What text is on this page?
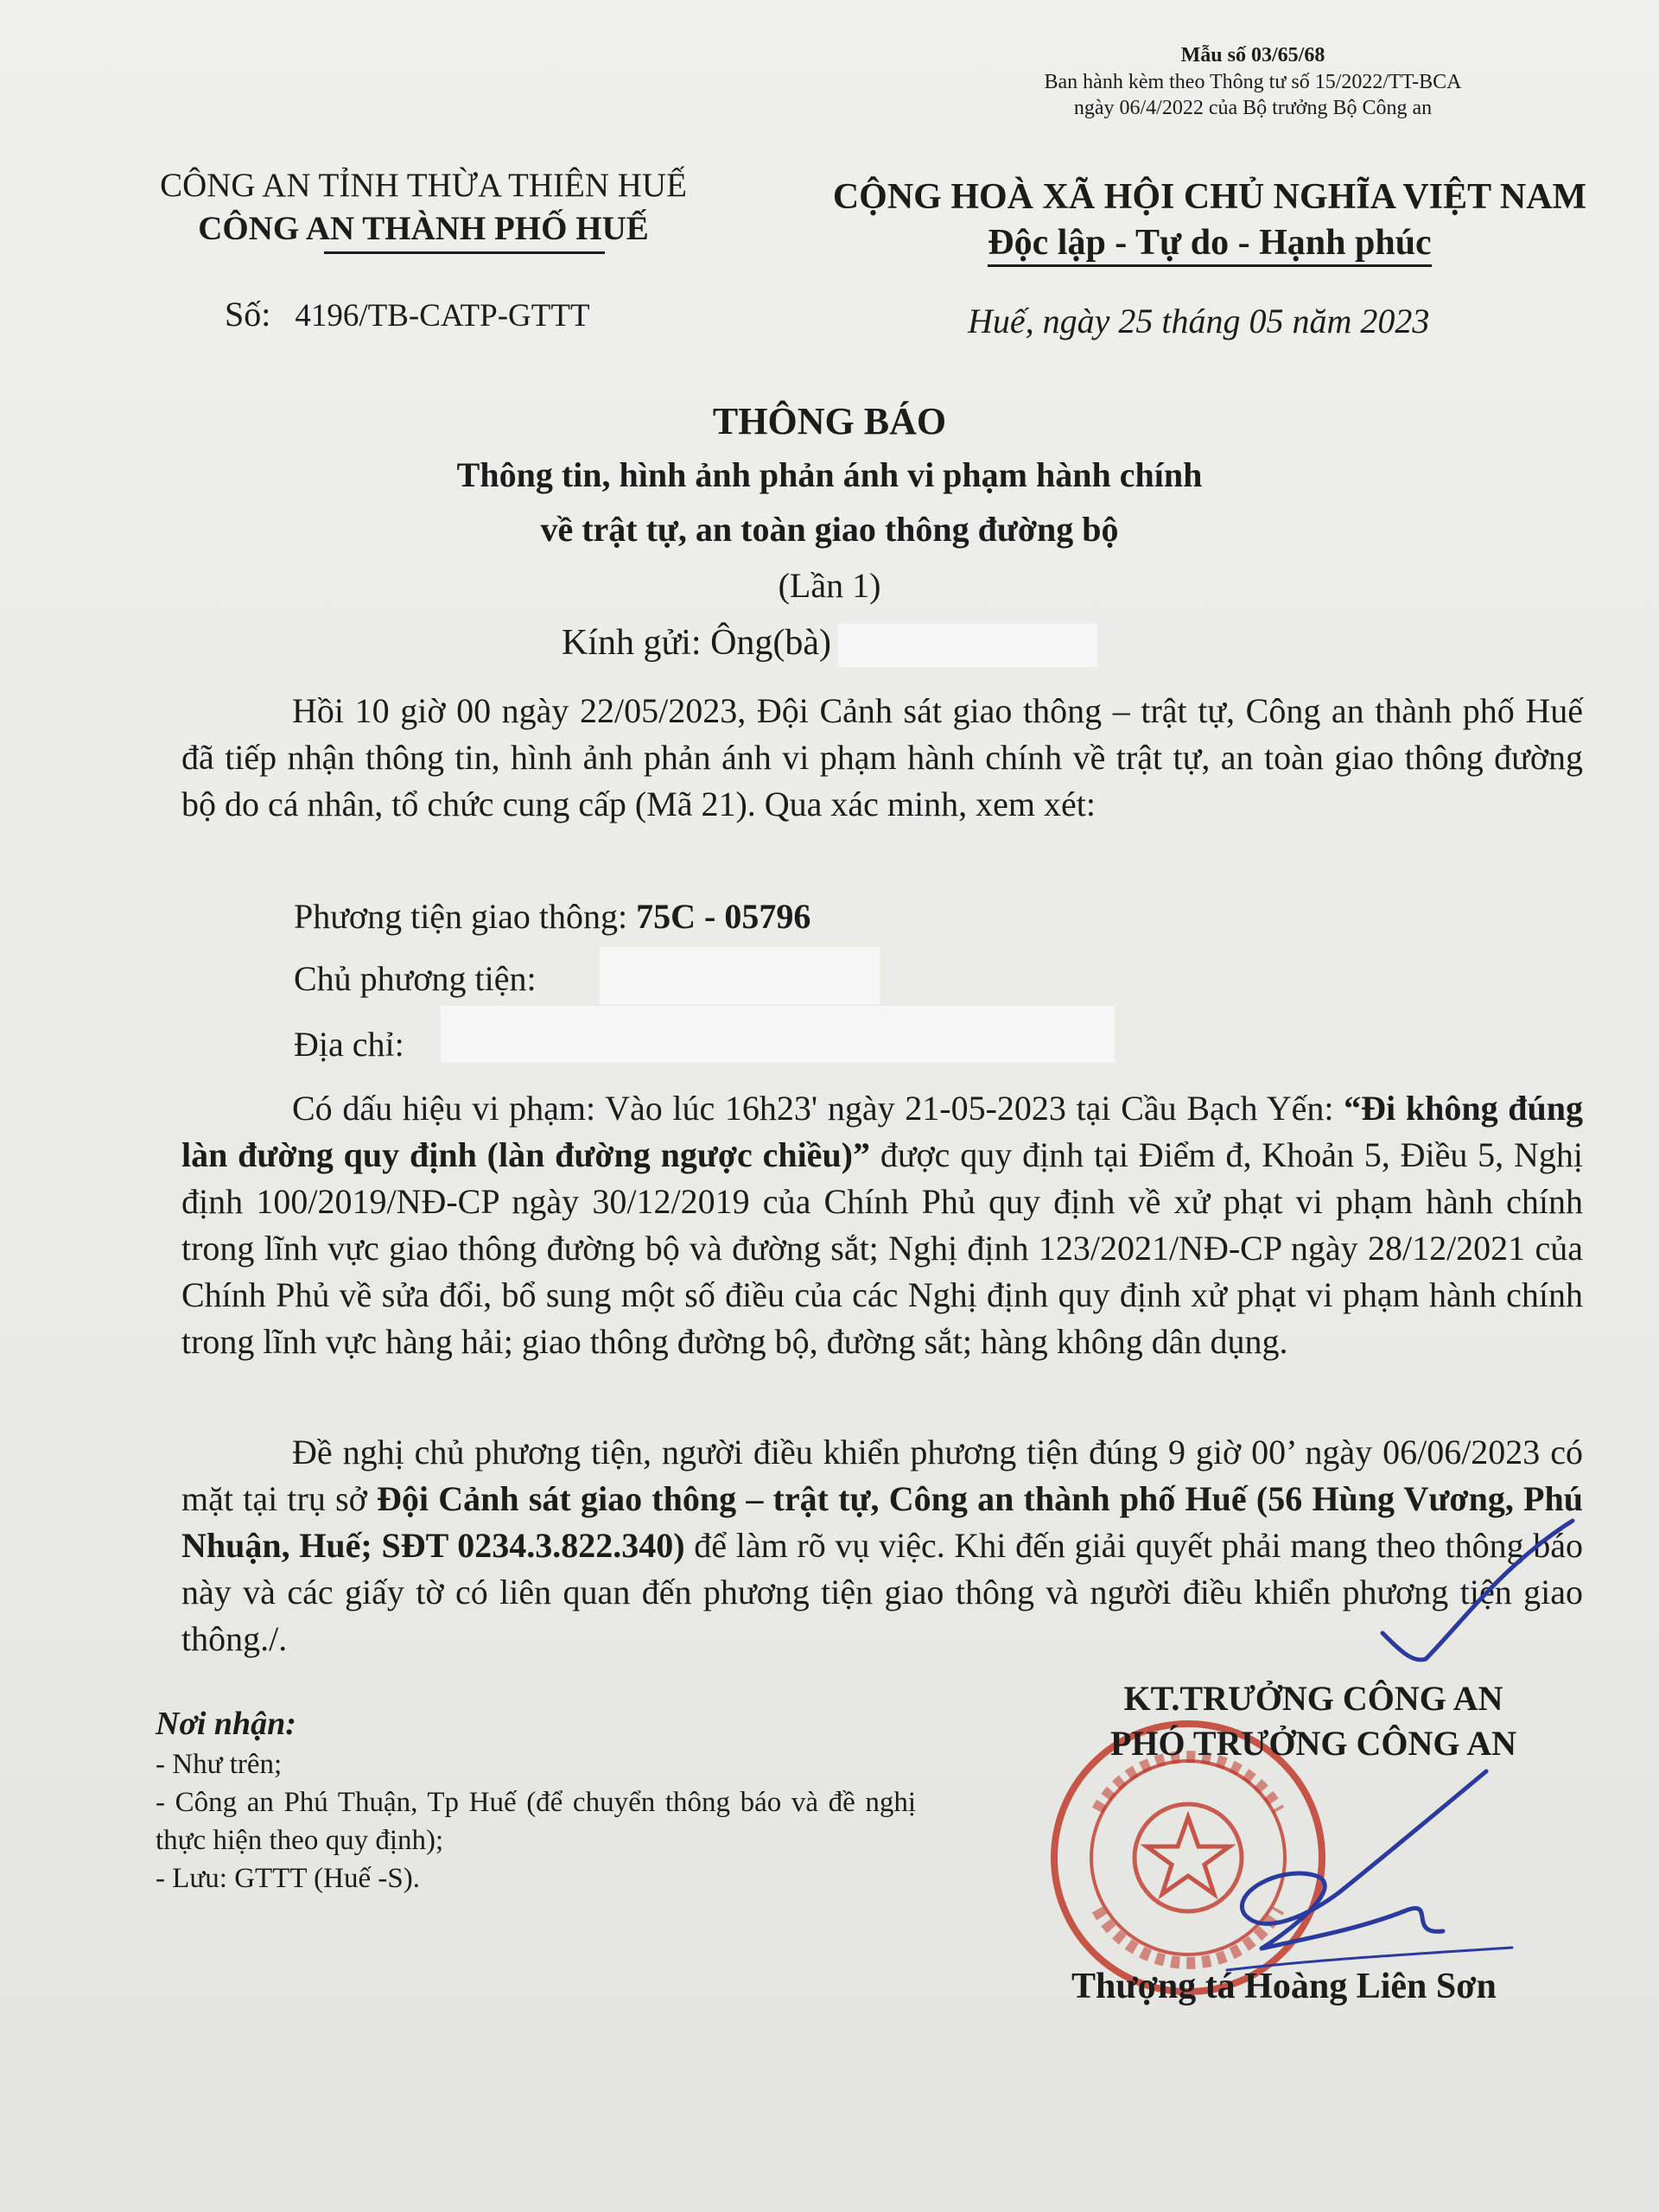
Mẫu số 03/65/68
Ban hành kèm theo Thông tư số 15/2022/TT-BCA
ngày 06/4/2022 của Bộ trưởng Bộ Công an
CÔNG AN TỈNH THỪA THIÊN HUẾ
CÔNG AN THÀNH PHỐ HUẾ
CỘNG HOÀ XÃ HỘI CHỦ NGHĨA VIỆT NAM
Độc lập - Tự do - Hạnh phúc
Số: 4196/TB-CATP-GTTT	Huế, ngày 25 tháng 05 năm 2023
THÔNG BÁO
Thông tin, hình ảnh phản ánh vi phạm hành chính
về trật tự, an toàn giao thông đường bộ
(Lần 1)
Kính gửi: Ông(bà)
Hồi 10 giờ 00 ngày 22/05/2023, Đội Cảnh sát giao thông – trật tự, Công an thành phố Huế đã tiếp nhận thông tin, hình ảnh phản ánh vi phạm hành chính về trật tự, an toàn giao thông đường bộ do cá nhân, tổ chức cung cấp (Mã 21). Qua xác minh, xem xét:
Phương tiện giao thông: 75C - 05796
Chủ phương tiện:
Địa chỉ:
Có dấu hiệu vi phạm: Vào lúc 16h23' ngày 21-05-2023 tại Cầu Bạch Yến: “Đi không đúng làn đường quy định (làn đường ngược chiều)” được quy định tại Điểm đ, Khoản 5, Điều 5, Nghị định 100/2019/NĐ-CP ngày 30/12/2019 của Chính Phủ quy định về xử phạt vi phạm hành chính trong lĩnh vực giao thông đường bộ và đường sắt; Nghị định 123/2021/NĐ-CP ngày 28/12/2021 của Chính Phủ về sửa đổi, bổ sung một số điều của các Nghị định quy định xử phạt vi phạm hành chính trong lĩnh vực hàng hải; giao thông đường bộ, đường sắt; hàng không dân dụng.
Đề nghị chủ phương tiện, người điều khiển phương tiện đúng 9 giờ 00’ ngày 06/06/2023 có mặt tại trụ sở Đội Cảnh sát giao thông – trật tự, Công an thành phố Huế (56 Hùng Vương, Phú Nhuận, Huế; SĐT 0234.3.822.340) để làm rõ vụ việc. Khi đến giải quyết phải mang theo thông báo này và các giấy tờ có liên quan đến phương tiện giao thông và người điều khiển phương tiện giao thông./.
Nơi nhận:
- Như trên;
- Công an Phú Thuận, Tp Huế (để chuyển thông báo và đề nghị thực hiện theo quy định);
- Lưu: GTTT (Huế -S).
KT.TRƯỞNG CÔNG AN
PHÓ TRƯỞNG CÔNG AN
Thượng tá Hoàng Liên Sơn
